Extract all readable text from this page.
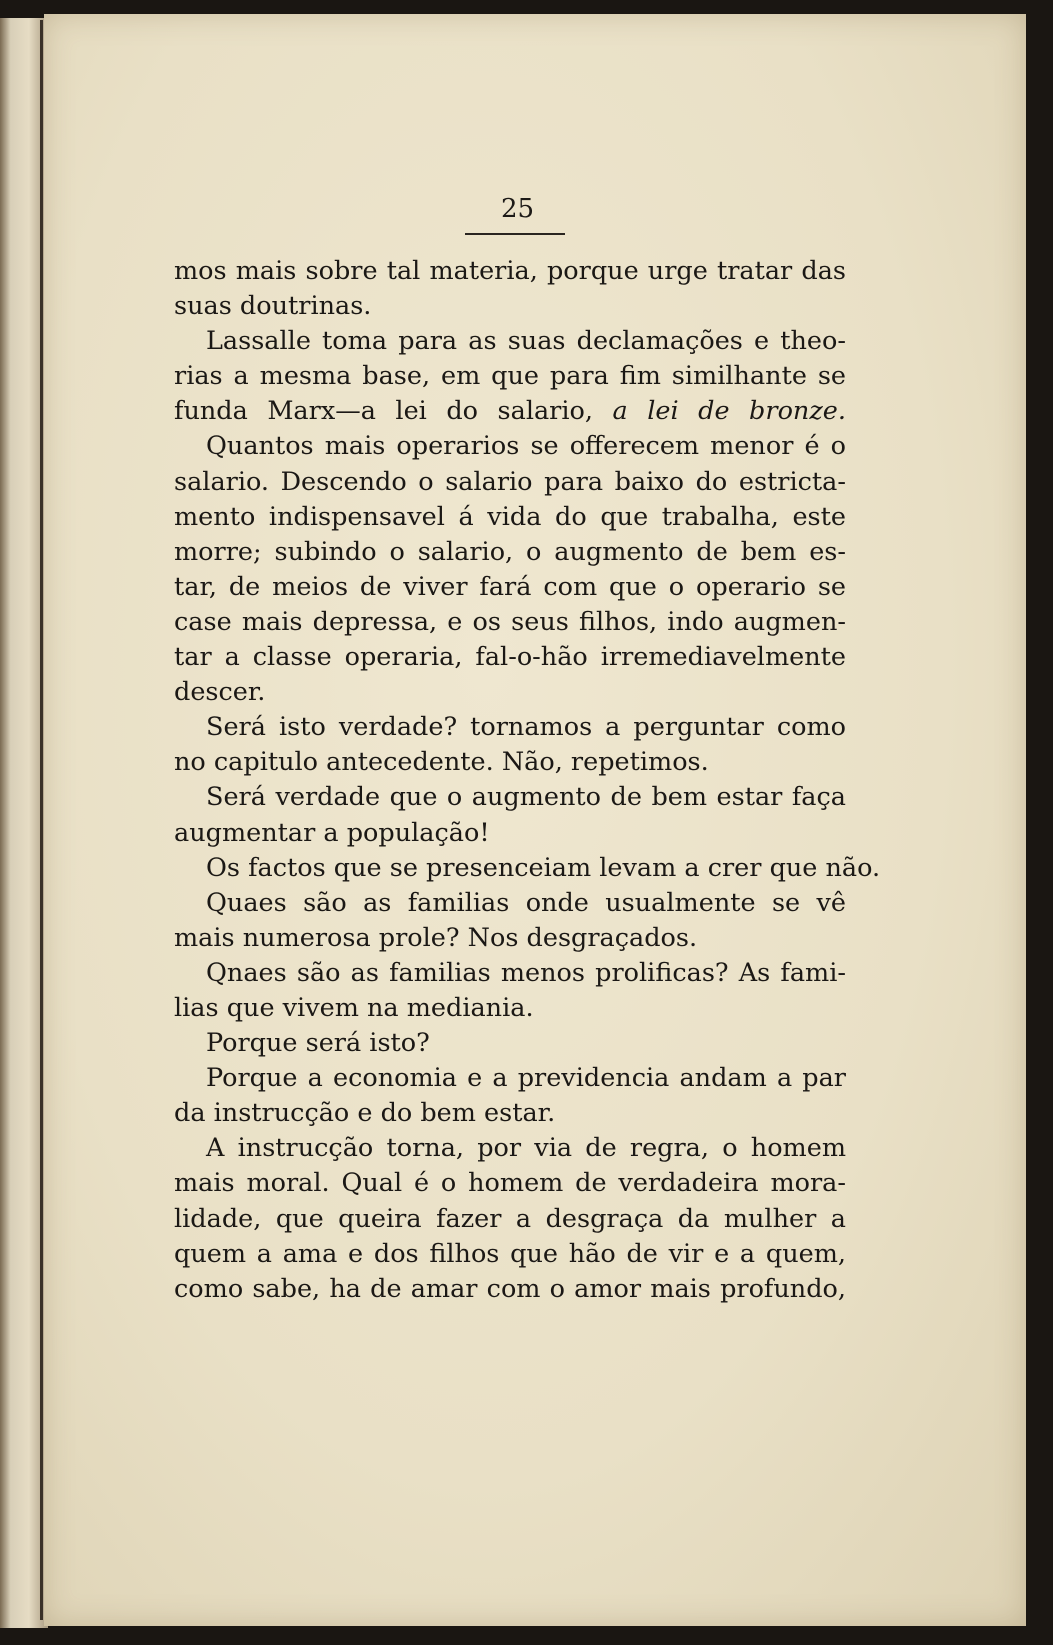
25
mos mais sobre tal materia, porque urge tratar das
suas doutrinas.
Lassalle toma para as suas declamações e theo-
rias a mesma base, em que para fim similhante se
funda Marx—a lei do salario, a lei de bronze.
Quantos mais operarios se offerecem menor é o
salario. Descendo o salario para baixo do estricta-
mento indispensavel á vida do que trabalha, este
morre; subindo o salario, o augmento de bem es-
tar, de meios de viver fará com que o operario se
case mais depressa, e os seus filhos, indo augmen-
tar a classe operaria, fal-o-hão irremediavelmente
descer.
Será isto verdade? tornamos a perguntar como
no capitulo antecedente. Não, repetimos.
Será verdade que o augmento de bem estar faça
augmentar a população!
Os factos que se presenceiam levam a crer que não.
Quaes são as familias onde usualmente se vê
mais numerosa prole? Nos desgraçados.
Qnaes são as familias menos prolificas? As fami-
lias que vivem na mediania.
Porque será isto?
Porque a economia e a previdencia andam a par
da instrucção e do bem estar.
A instrucção torna, por via de regra, o homem
mais moral. Qual é o homem de verdadeira mora-
lidade, que queira fazer a desgraça da mulher a
quem a ama e dos filhos que hão de vir e a quem,
como sabe, ha de amar com o amor mais profundo,
